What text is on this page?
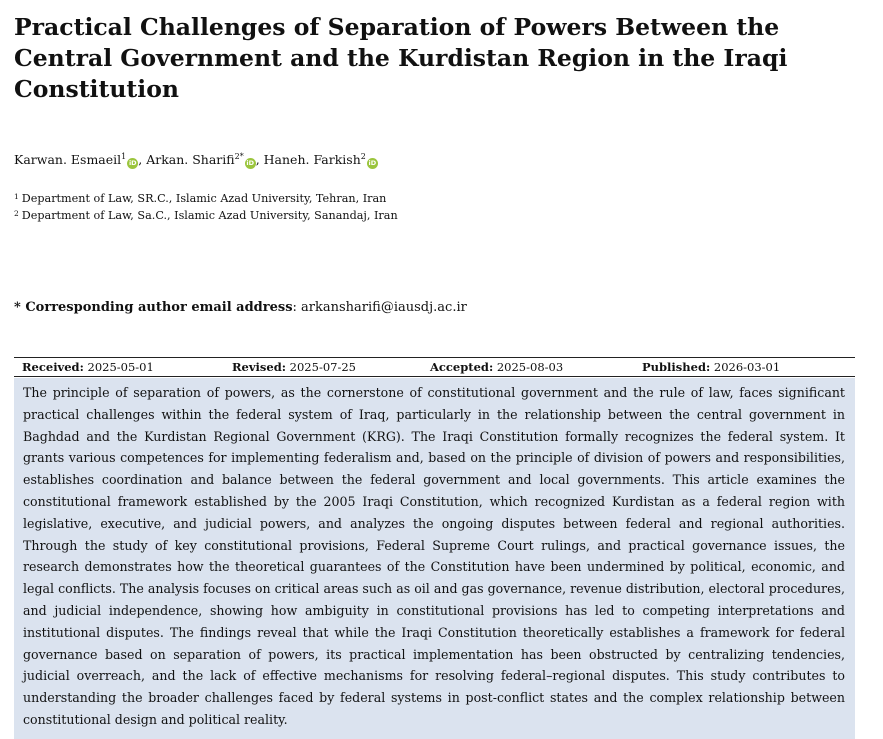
Practical Challenges of Separation of Powers Between the Central Government and the Kurdistan Region in the Iraqi Constitution
Karwan. Esmaeil$^1$iD , Arkan. Sharifi$^{2*}$iD , Haneh. Farkish$^2$iD
$^1$ Department of Law, SR.C., Islamic Azad University, Tehran, Iran
$^2$ Department of Law, Sa.C., Islamic Azad University, Sanandaj, Iran
* Corresponding author email address: arkansharifi@iausdj.ac.ir
Received: 2025-05-01	Revised: 2025-07-25	Accepted: 2025-08-03	Published: 2026-03-01

The principle of separation of powers, as the cornerstone of constitutional government and the rule of law, faces significant practical challenges within the federal system of Iraq, particularly in the relationship between the central government in Baghdad and the Kurdistan Regional Government (KRG). The Iraqi Constitution formally recognizes the federal system. It grants various competences for implementing federalism and, based on the principle of division of powers and responsibilities, establishes coordination and balance between the federal government and local governments. This article examines the constitutional framework established by the 2005 Iraqi Constitution, which recognized Kurdistan as a federal region with legislative, executive, and judicial powers, and analyzes the ongoing disputes between federal and regional authorities. Through the study of key constitutional provisions, Federal Supreme Court rulings, and practical governance issues, the research demonstrates how the theoretical guarantees of the Constitution have been undermined by political, economic, and legal conflicts. The analysis focuses on critical areas such as oil and gas governance, revenue distribution, electoral procedures, and judicial independence, showing how ambiguity in constitutional provisions has led to competing interpretations and institutional disputes. The findings reveal that while the Iraqi Constitution theoretically establishes a framework for federal governance based on separation of powers, its practical implementation has been obstructed by centralizing tendencies, judicial overreach, and the lack of effective mechanisms for resolving federal–regional disputes. This study contributes to understanding the broader challenges faced by federal systems in post-conflict states and the complex relationship between constitutional design and political reality.
